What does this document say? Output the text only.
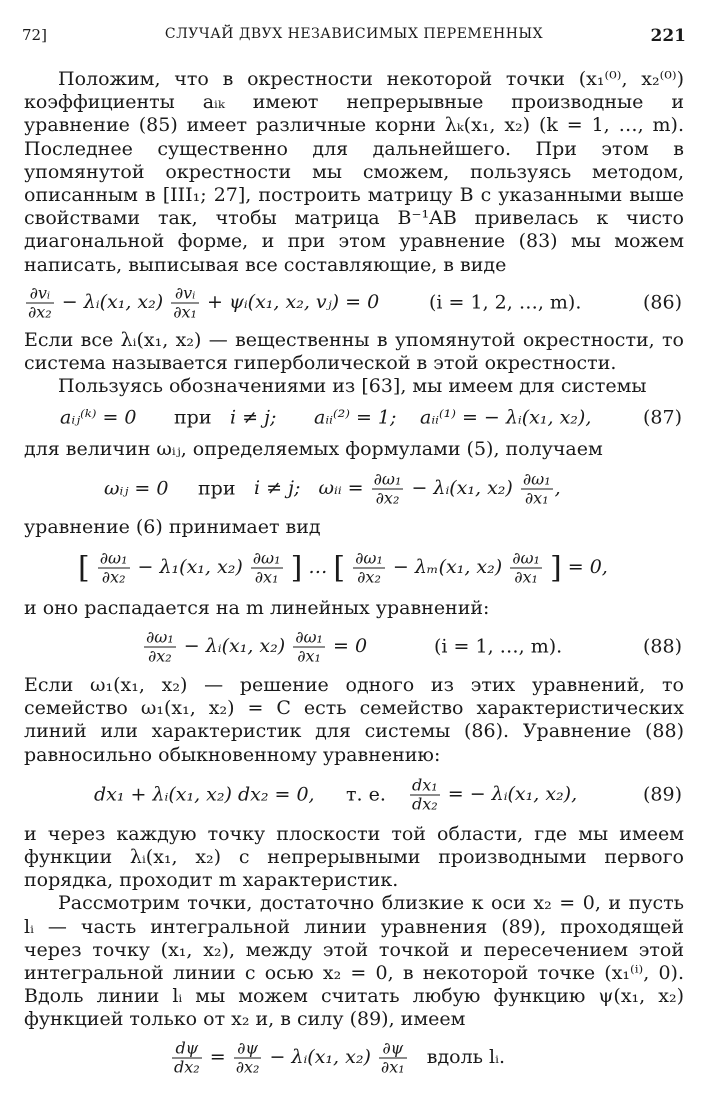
СЛУЧАЙ ДВУХ НЕЗАВИСИМЫХ ПЕРЕМЕННЫХ
72]	221

Положим, что в окрестности некоторой точки (x₁⁽⁰⁾, x₂⁽⁰⁾) коэффициенты aᵢₖ имеют непрерывные производные и уравнение (85) имеет различные корни λₖ(x₁, x₂) (k = 1, …, m). Последнее существенно для дальнейшего. При этом в упомянутой окрестности мы сможем, пользуясь методом, описанным в [III₁; 27], построить матрицу B с указанными выше свойствами так, чтобы матрица B⁻¹AB привелась к чисто диагональной форме, и при этом уравнение (83) мы можем написать, выписывая все составляющие, в виде

$\frac{\text{∂vᵢ}}{\text{∂x₂}}$ − λᵢ(x₁, $x_2) \frac{\text{∂vᵢ}}{\text{∂x₁}}$ + ψᵢ(x₁, x₂, vⱼ) = 0	(i = 1, 2, …, m).	(86)

Если все λᵢ(x₁, x₂) — вещественны в упомянутой окрестности, то система называется гиперболической в этой окрестности.

Пользуясь обозначениями из [63], мы имеем для системы

aᵢⱼ⁽ᵏ⁾ = 0 при i ≠ j; aᵢᵢ⁽²⁾ = 1; aᵢᵢ⁽¹⁾ = − λᵢ(x₁, x₂),	(87)

для величин ωᵢⱼ, определяемых формулами (5), получаем

ωᵢⱼ = 0 при i ≠ j; ωᵢᵢ = $\frac{\text{∂ω₁}}{\text{∂x₂}}$ − λᵢ(x₁, $x_2) \frac{\text{∂ω₁}}{\text{∂x₁}}$ ,

уравнение (6) принимает вид

[ $\frac{\text{∂ω₁}}{\text{∂x₂}} - \lambda_1(x_1$, $x_2) \frac{\text{∂ω₁}}{\text{∂x₁}}$ ] … [ $\frac{\text{∂ω₁}}{\text{∂x₂}} - \lambda_m(x_1$, $x_2) \frac{\text{∂ω₁}}{\text{∂x₁}}$ ] = 0,

и оно распадается на m линейных уравнений:

$\frac{\text{∂ω₁}}{\text{∂x₂}}$ − λᵢ(x₁, $x_2) \frac{\text{∂ω₁}}{\text{∂x₁}} = 0$	(i = 1, …, m).	(88)

Если ω₁(x₁, x₂) — решение одного из этих уравнений, то семейство ω₁(x₁, x₂) = C есть семейство характеристических линий или характеристик для системы (86). Уравнение (88) равносильно обыкновенному уравнению:

dx₁ + λᵢ(x₁, x₂) dx₂ = 0, т. е. $\frac{\text{dx₁}}{\text{dx₂}}$ = − λᵢ(x₁, x₂),	(89)

и через каждую точку плоскости той области, где мы имеем функции λᵢ(x₁, x₂) с непрерывными производными первого порядка, проходит m характеристик.

Рассмотрим точки, достаточно близкие к оси x₂ = 0, и пусть lᵢ — часть интегральной линии уравнения (89), проходящей через точку (x₁, x₂), между этой точкой и пересечением этой интегральной линии с осью x₂ = 0, в некоторой точке (x₁⁽ⁱ⁾, 0). Вдоль линии lᵢ мы можем считать любую функцию ψ(x₁, x₂) функцией только от x₂ и, в силу (89), имеем

$\frac{d\psi}{\text{dx₂}} = \frac{\partial\psi}{\text{∂x₂}}$ − λᵢ(x₁, $x_2) \frac{\partial\psi}{\text{∂x₁}}$ вдоль lᵢ.
